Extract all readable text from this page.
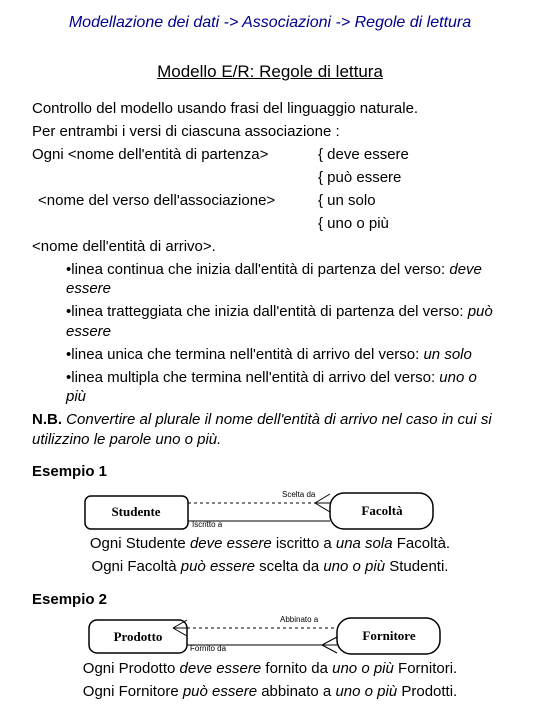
Modellazione dei dati -> Associazioni -> Regole di lettura
Modello E/R: Regole di lettura
Controllo del modello usando frasi del linguaggio naturale.
Per entrambi i versi di ciascuna associazione :
Ogni <nome dell'entità di partenza>	{ deve essere
{ può essere
<nome del verso dell'associazione>	{ un solo
{ uno o più
<nome dell'entità di arrivo>.
•linea continua che inizia dall'entità di partenza del verso: deve
essere
•linea tratteggiata che inizia dall'entità di partenza del verso: può
essere
•linea unica che termina nell'entità di arrivo del verso: un solo
•linea multipla che termina nell'entità di arrivo del verso: uno o
più
N.B. Convertire al plurale il nome dell'entità di arrivo nel caso in cui si
utilizzino le parole uno o più.
Esempio 1
Studente	Facoltà
Scelta da
Iscritto a
Prodotto	Fornitore
Abbinato a
Fornito da
Ogni Studente deve essere iscritto a una sola Facoltà.
Ogni Facoltà può essere scelta da uno o più Studenti.
Esempio 2
Ogni Prodotto deve essere fornito da uno o più Fornitori.
Ogni Fornitore può essere abbinato a uno o più Prodotti.
